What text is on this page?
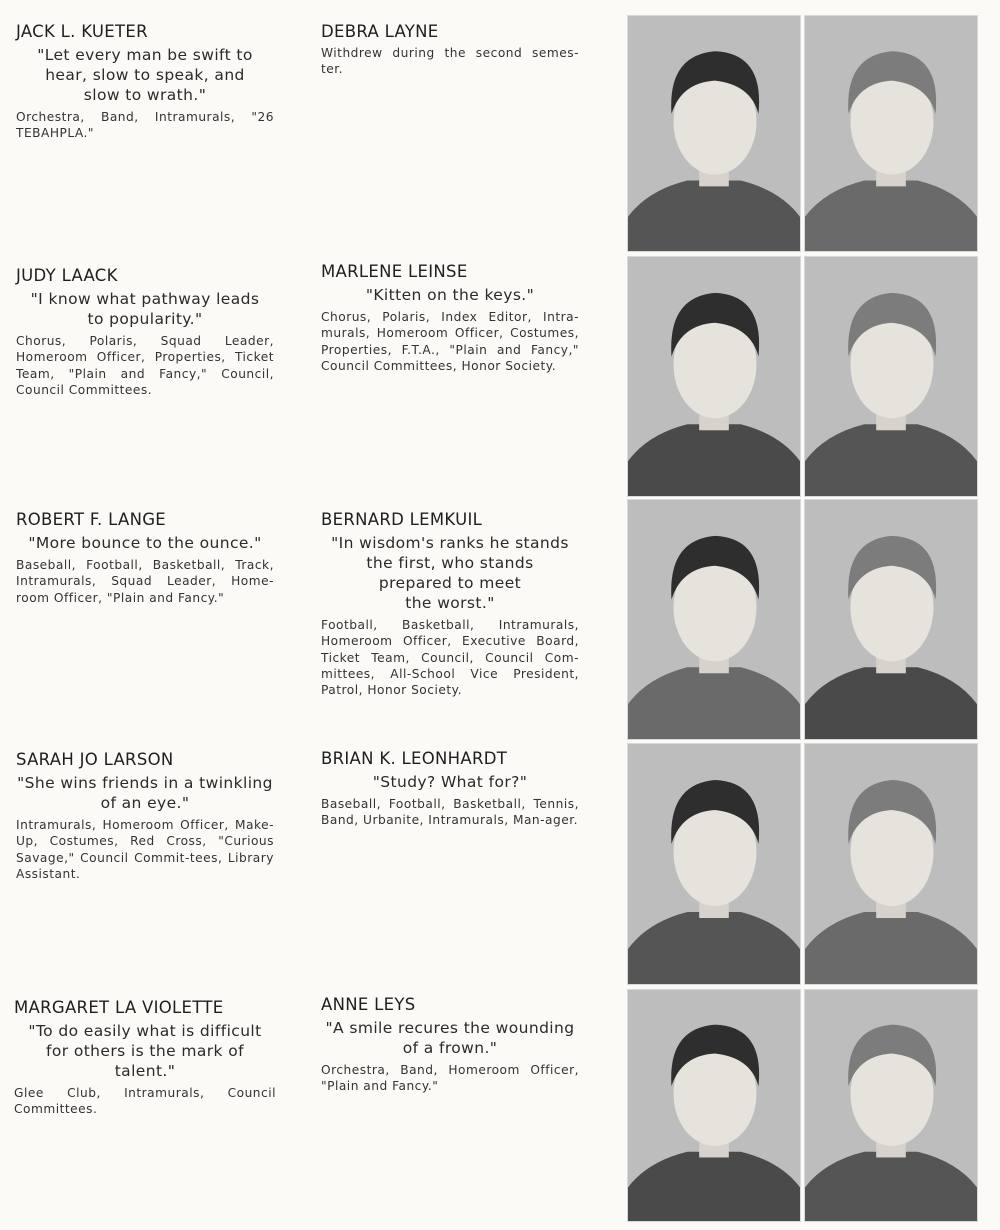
JACK L. KUETER
"Let every man be swift to
hear, slow to speak, and
slow to wrath."

Orchestra, Band, Intramurals, "26 TEBAHPLA."

DEBRA LAYNE

Withdrew during the second semes-ter.

JUDY LAACK
"I know what pathway leads
to popularity."

Chorus, Polaris, Squad Leader, Homeroom Officer, Properties, Ticket Team, "Plain and Fancy," Council, Council Committees.

MARLENE LEINSE
"Kitten on the keys."

Chorus, Polaris, Index Editor, Intra-murals, Homeroom Officer, Costumes, Properties, F.T.A., "Plain and Fancy," Council Committees, Honor Society.

ROBERT F. LANGE
"More bounce to the ounce."

Baseball, Football, Basketball, Track, Intramurals, Squad Leader, Home-room Officer, "Plain and Fancy."

BERNARD LEMKUIL
"In wisdom's ranks he stands
the first, who stands
prepared to meet
the worst."

Football, Basketball, Intramurals, Homeroom Officer, Executive Board, Ticket Team, Council, Council Com-mittees, All-School Vice President, Patrol, Honor Society.

SARAH JO LARSON
"She wins friends in a twinkling
of an eye."

Intramurals, Homeroom Officer, Make-Up, Costumes, Red Cross, "Curious Savage," Council Commit-tees, Library Assistant.

BRIAN K. LEONHARDT
"Study? What for?"

Baseball, Football, Basketball, Tennis, Band, Urbanite, Intramurals, Man-ager.

MARGARET LA VIOLETTE
"To do easily what is difficult
for others is the mark of talent."

Glee Club, Intramurals, Council Committees.

ANNE LEYS
"A smile recures the wounding
of a frown."

Orchestra, Band, Homeroom Officer, "Plain and Fancy."
